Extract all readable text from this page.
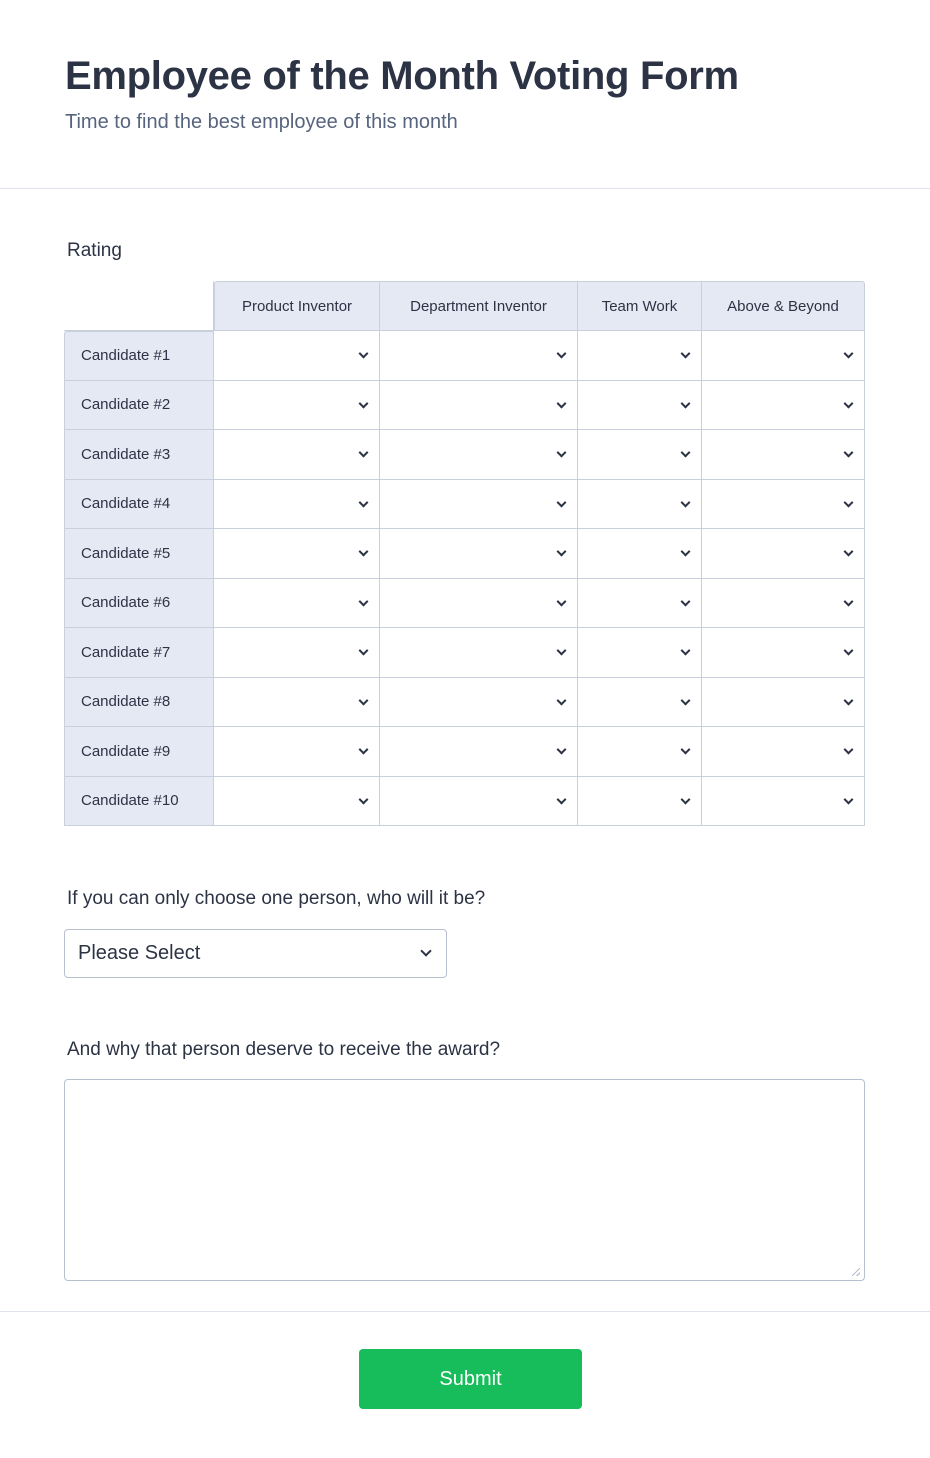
Employee of the Month Voting Form
Time to find the best employee of this month
Rating
	Product Inventor	Department Inventor	Team Work	Above & Beyond
Candidate #1	

Candidate #2	

Candidate #3	

Candidate #4	

Candidate #5	

Candidate #6	

Candidate #7	

Candidate #8	

Candidate #9	

Candidate #10	

If you can only choose one person, who will it be?
Please Select
And why that person deserve to receive the award?
Submit
